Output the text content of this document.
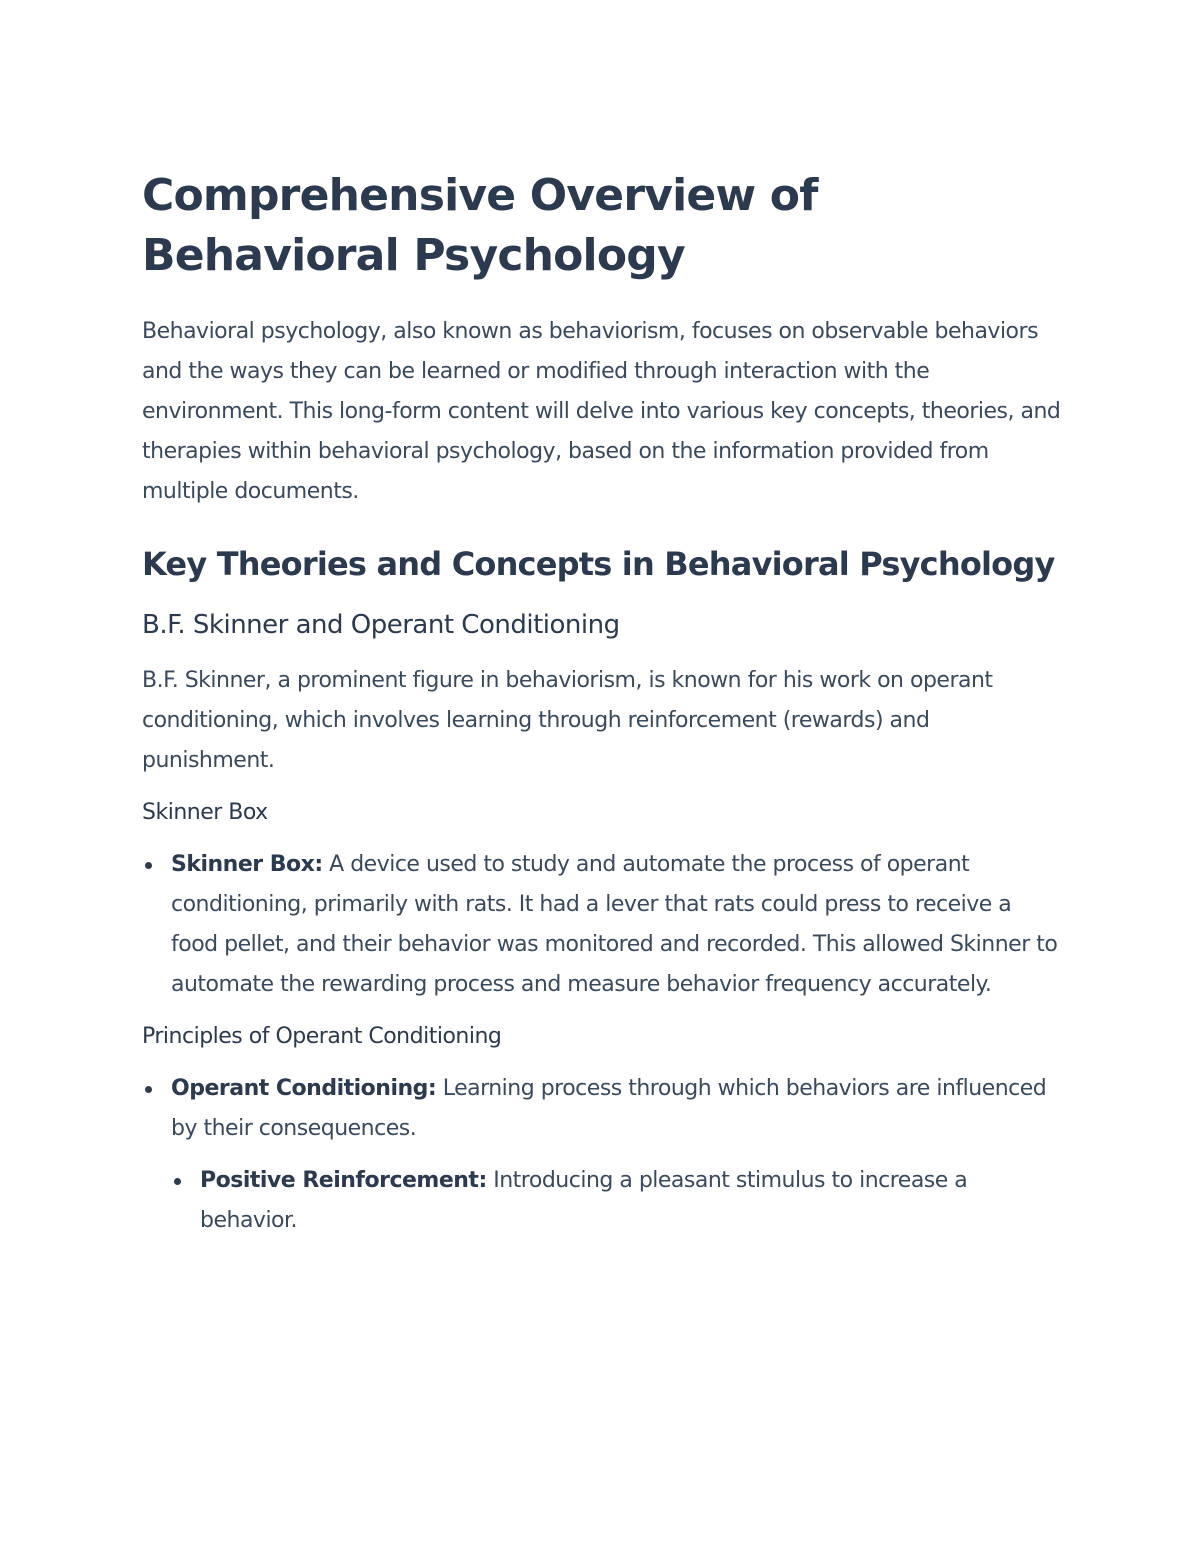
Comprehensive Overview of Behavioral Psychology

Behavioral psychology, also known as behaviorism, focuses on observable behaviors and the ways they can be learned or modified through interaction with the environment. This long-form content will delve into various key concepts, theories, and therapies within behavioral psychology, based on the information provided from multiple documents.

Key Theories and Concepts in Behavioral Psychology
B.F. Skinner and Operant Conditioning

B.F. Skinner, a prominent figure in behaviorism, is known for his work on operant conditioning, which involves learning through reinforcement (rewards) and punishment.

Skinner Box
Skinner Box: A device used to study and automate the process of operant conditioning, primarily with rats. It had a lever that rats could press to receive a food pellet, and their behavior was monitored and recorded. This allowed Skinner to automate the rewarding process and measure behavior frequency accurately.
Principles of Operant Conditioning
Operant Conditioning: Learning process through which behaviors are influenced by their consequences.
Positive Reinforcement: Introducing a pleasant stimulus to increase a behavior.
